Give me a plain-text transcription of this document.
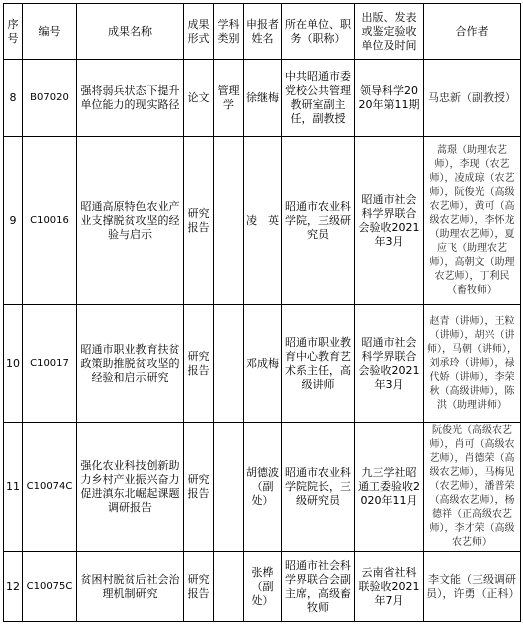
序号	编号	成果名称	成果形式	学科类别	申报者姓名	所在单位、职务（职称）	出版、发表或鉴定验收单位及时间	合作者
8	B07020	强将弱兵状态下提升单位能力的现实路径	论文	管理学	徐继梅	中共昭通市委党校公共管理教研室副主任，副教授	领导科学2020年第11期	马忠新（副教授）
9	C10016	昭通高原特色农业产业支撑脱贫攻坚的经验与启示	研究报告		凌　英	昭通市农业科学院，三级研究员	昭通市社会科学界联合会验收2021年3月	蒿璟（助理农艺师），李现（农艺师），凌成琼（农艺师），阮俊光（高级农艺师），黄可（高级农艺师），李怀龙（助理农艺师），夏应飞（助理农艺师），高朝文（助理农艺师），丁利民（畜牧师）
10	C10017	昭通市职业教育扶贫政策助推脱贫攻坚的经验和启示研究	研究报告		邓成梅	昭通市职业教育中心教育艺术系主任，高级讲师	昭通市社会科学界联合会验收2021年3月	赵青（讲师），王粒（讲师），胡兴（讲师），马朝（讲师），刘承玲（讲师），禄代娇（讲师），李荣秋（高级讲师），陈洪（助理讲师）
11	C10074C	强化农业科技创新助力乡村产业振兴奋力促进滇东北崛起课题调研报告	研究报告		胡德波（副处）	昭通市农业科学院院长，三级研究员	九三学社昭通工委验收2020年11月	阮俊光（高级农艺师），肖可（高级农艺师），肖德荣（高级农艺师），马梅见（农艺师），潘普荣（高级农艺师），杨德祥（正高级农艺师），李才荣（高级农艺师）
12	C10075C	贫困村脱贫后社会治理机制研究	研究报告		张桦（副处）	昭通市社会科学界联合会副主席，高级畜牧师	云南省社科联验收2021年7月	李文能（三级调研员），许勇（正科）
